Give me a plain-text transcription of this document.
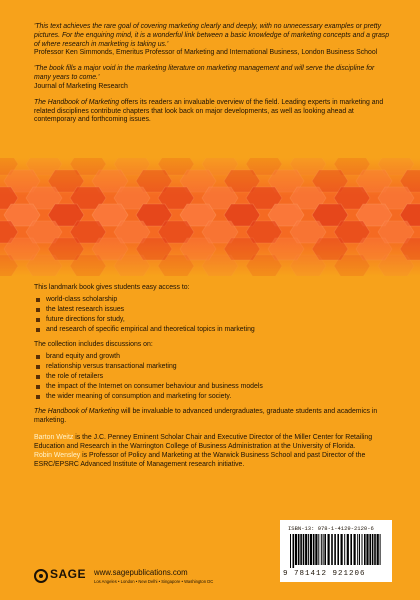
'This text achieves the rare goal of covering marketing clearly and deeply, with no unnecessary examples or pretty pictures. For the enquiring mind, it is a wonderful link between a basic knowledge of marketing concepts and a grasp of where research in marketing is taking us.'

Professor Ken Simmonds, Emeritus Professor of Marketing and International Business, London Business School

'The book fills a major void in the marketing literature on marketing management and will serve the discipline for many years to come.'

Journal of Marketing Research

The Handbook of Marketing offers its readers an invaluable overview of the field. Leading experts in marketing and related disciplines contribute chapters that look back on major developments, as well as looking ahead at contemporary and forthcoming issues.

This landmark book gives students easy access to:

world-class scholarship
the latest research issues
future directions for study,
and research of specific empirical and theoretical topics in marketing

The collection includes discussions on:

brand equity and growth
relationship versus transactional marketing
the role of retailers
the impact of the Internet on consumer behaviour and business models
the wider meaning of consumption and marketing for society.

The Handbook of Marketing will be invaluable to advanced undergraduates, graduate students and academics in marketing.

Barton Weitz is the J.C. Penney Eminent Scholar Chair and Executive Director of the Miller Center for Retailing Education and Research in the Warrington College of Business Administration at the University of Florida.

Robin Wensley is Professor of Policy and Marketing at the Warwick Business School and past Director of the ESRC/EPSRC Advanced Institute of Management research initiative.

SAGE www.sagepublications.com
Los Angeles • London • New Delhi • Singapore • Washington DC
ISBN-13: 978-1-4129-2120-6
9 781412 921206
